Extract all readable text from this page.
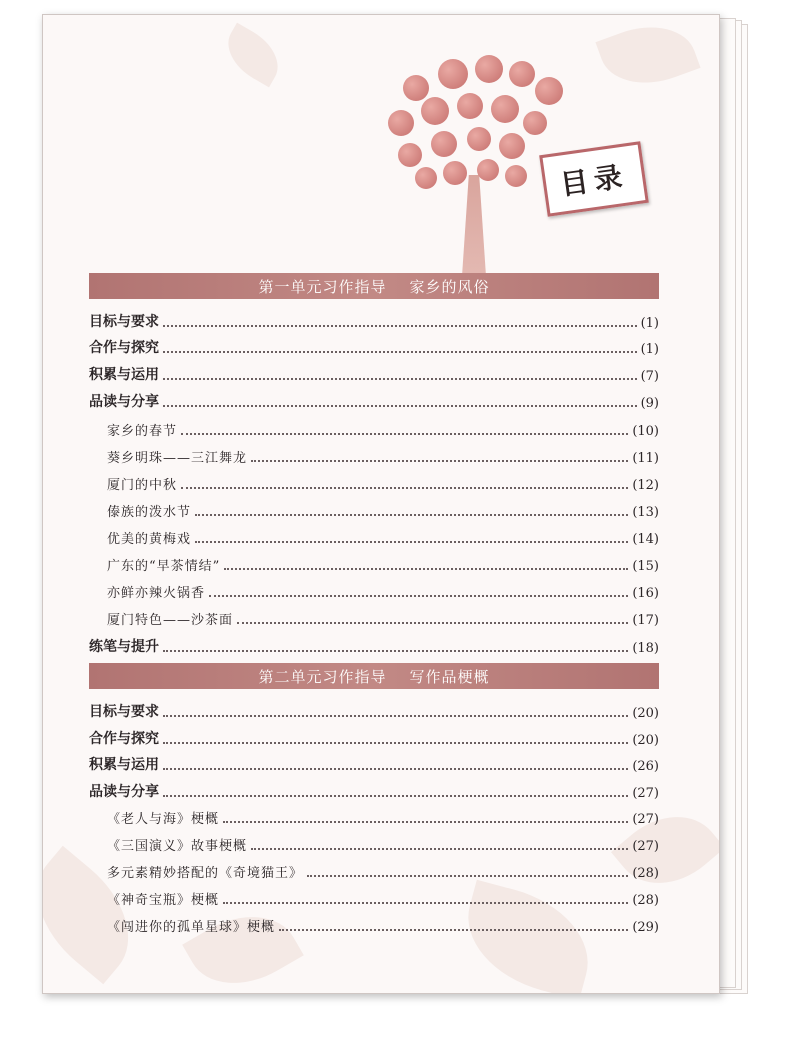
目录
第一单元习作指导    家乡的风俗
目标与要求	(1)
合作与探究	(1)
积累与运用	(7)
品读与分享	(9)
家乡的春节	(10)
葵乡明珠——三江舞龙	(11)
厦门的中秋	(12)
傣族的泼水节	(13)
优美的黄梅戏	(14)
广东的“早茶情结”	(15)
亦鲜亦辣火锅香	(16)
厦门特色——沙茶面	(17)
练笔与提升	(18)
第二单元习作指导    写作品梗概
目标与要求	(20)
合作与探究	(20)
积累与运用	(26)
品读与分享	(27)
《老人与海》梗概	(27)
《三国演义》故事梗概	(27)
多元素精妙搭配的《奇境猫王》	(28)
《神奇宝瓶》梗概	(28)
《闯进你的孤单星球》梗概	(29)
